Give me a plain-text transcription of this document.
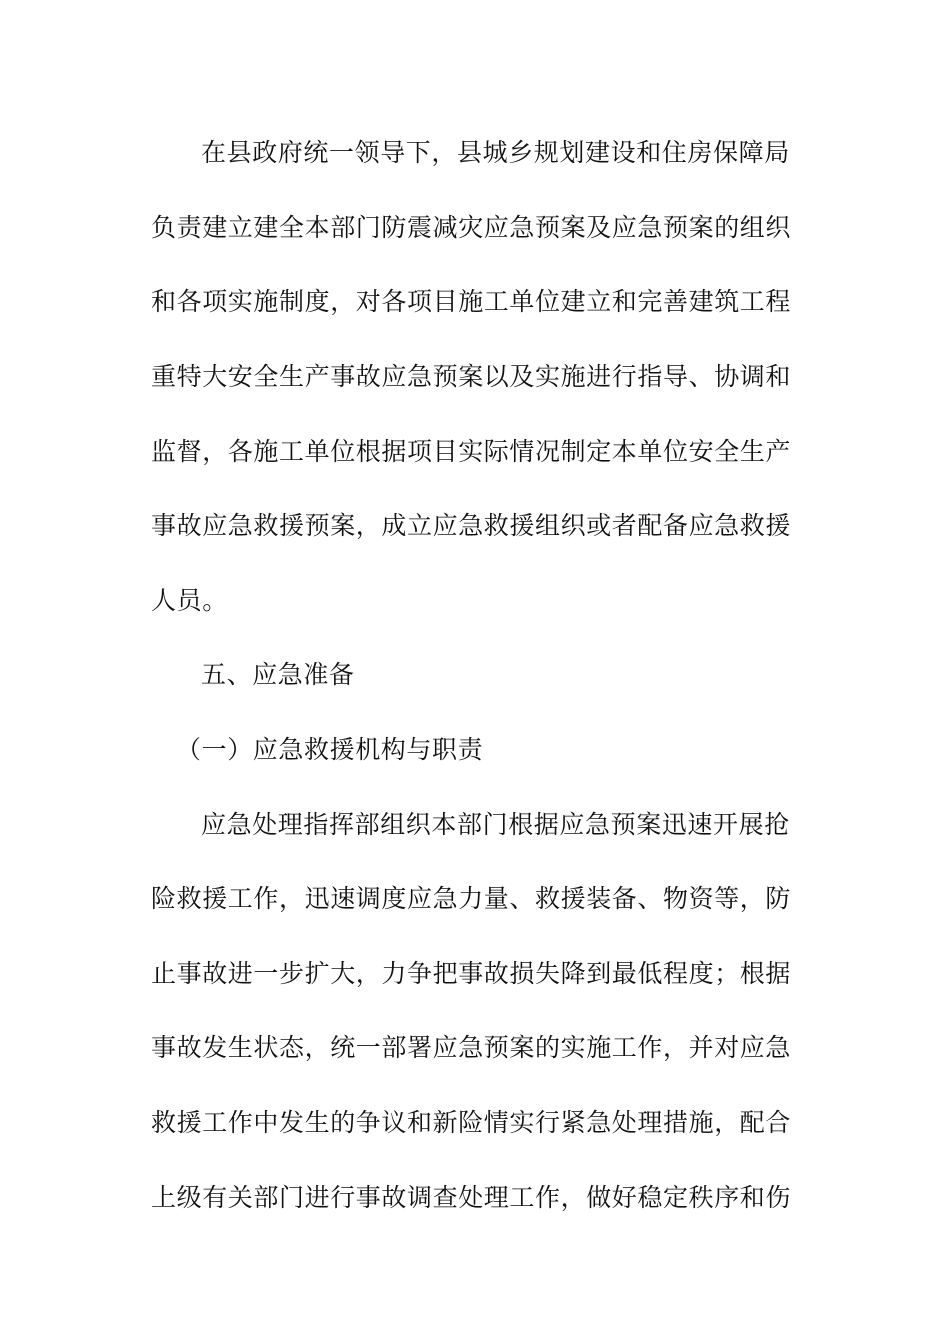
在县政府统一领导下，县城乡规划建设和住房保障局
负责建立建全本部门防震减灾应急预案及应急预案的组织
和各项实施制度，对各项目施工单位建立和完善建筑工程
重特大安全生产事故应急预案以及实施进行指导、协调和
监督，各施工单位根据项目实际情况制定本单位安全生产
事故应急救援预案，成立应急救援组织或者配备应急救援
人员。
五、应急准备
（一）应急救援机构与职责
应急处理指挥部组织本部门根据应急预案迅速开展抢
险救援工作，迅速调度应急力量、救援装备、物资等，防
止事故进一步扩大，力争把事故损失降到最低程度；根据
事故发生状态，统一部署应急预案的实施工作，并对应急
救援工作中发生的争议和新险情实行紧急处理措施，配合
上级有关部门进行事故调查处理工作，做好稳定秩序和伤
